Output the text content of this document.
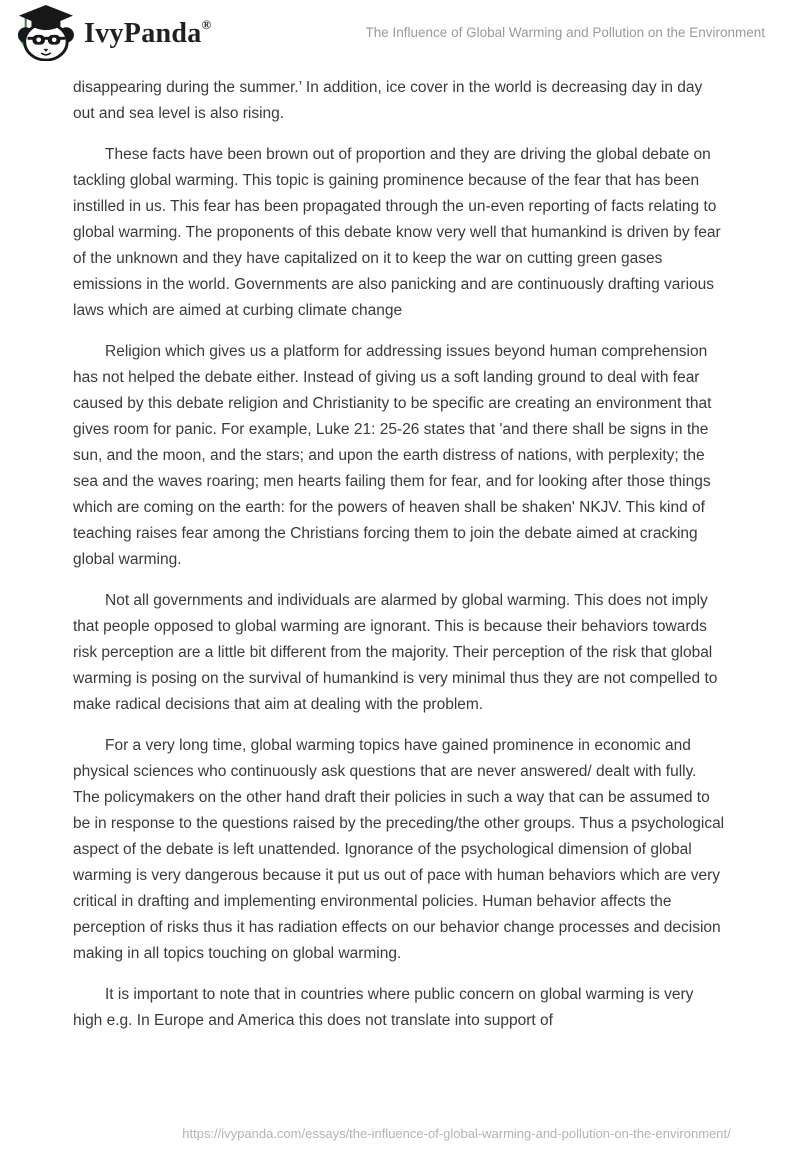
IvyPanda®
The Influence of Global Warming and Pollution on the Environment

disappearing during the summer.’ In addition, ice cover in the world is decreasing day in day out and sea level is also rising.

These facts have been brown out of proportion and they are driving the global debate on tackling global warming. This topic is gaining prominence because of the fear that has been instilled in us. This fear has been propagated through the un-even reporting of facts relating to global warming. The proponents of this debate know very well that humankind is driven by fear of the unknown and they have capitalized on it to keep the war on cutting green gases emissions in the world. Governments are also panicking and are continuously drafting various laws which are aimed at curbing climate change

Religion which gives us a platform for addressing issues beyond human comprehension has not helped the debate either. Instead of giving us a soft landing ground to deal with fear caused by this debate religion and Christianity to be specific are creating an environment that gives room for panic. For example, Luke 21: 25-26 states that 'and there shall be signs in the sun, and the moon, and the stars; and upon the earth distress of nations, with perplexity; the sea and the waves roaring; men hearts failing them for fear, and for looking after those things which are coming on the earth: for the powers of heaven shall be shaken' NKJV. This kind of teaching raises fear among the Christians forcing them to join the debate aimed at cracking global warming.

Not all governments and individuals are alarmed by global warming. This does not imply that people opposed to global warming are ignorant. This is because their behaviors towards risk perception are a little bit different from the majority. Their perception of the risk that global warming is posing on the survival of humankind is very minimal thus they are not compelled to make radical decisions that aim at dealing with the problem.

For a very long time, global warming topics have gained prominence in economic and physical sciences who continuously ask questions that are never answered/ dealt with fully. The policymakers on the other hand draft their policies in such a way that can be assumed to be in response to the questions raised by the preceding/the other groups. Thus a psychological aspect of the debate is left unattended. Ignorance of the psychological dimension of global warming is very dangerous because it put us out of pace with human behaviors which are very critical in drafting and implementing environmental policies. Human behavior affects the perception of risks thus it has radiation effects on our behavior change processes and decision making in all topics touching on global warming.

It is important to note that in countries where public concern on global warming is very high e.g. In Europe and America this does not translate into support of

https://ivypanda.com/essays/the-influence-of-global-warming-and-pollution-on-the-environment/
